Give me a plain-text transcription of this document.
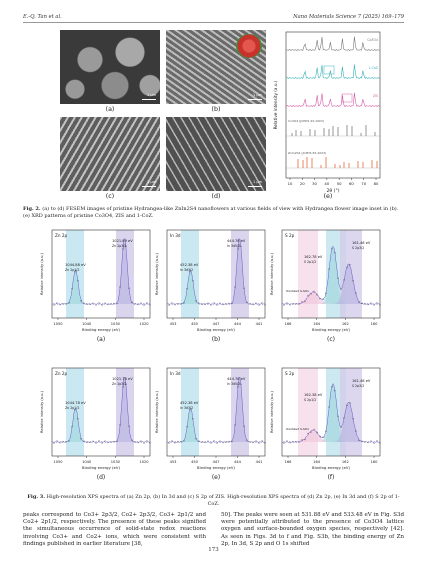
E.-Q. Tan et al.	Nano Materials Science 7 (2025) 169–179
1 μm
(a)
1 μm
(b)
1 μm
(c)
1 μm
(d)
Relative intensity (a.u.)
2θ (°)
10 20 30 40 50 60 70 80
Co3O4
1-CoZ
ZIS
Co3O4 (JCPDS 43-1003)
ZnIn2S4 (JCPDS 65-2023)
(e)
Fig. 2. (a) to (d) FESEM images of pristine Hydrangea-like ZnIn2S4 nanoflowers at various fields of view with Hydrangea flower image inset in (b). (e) XRD patterns of pristine Co3O4, ZIS and 1-CoZ.
Zn 2p
1044.88 eV
Zn 2p1/2
1021.89 eV
Zn 2p3/2
Relative intensity (a.u.)
1050	1040	1030	1020
Binding energy (eV)
(a)
In 3d
452.38 eV
In 3d3/2
444.78 eV
In 3d5/2
Relative intensity (a.u.)
453	450	447	444	441
Binding energy (eV)
(b)
S 2p
161.48 eV
S 2p3/2
162.78 eV
S 2p1/2
Oxidized S-SOx
Relative intensity (a.u.)
166	164	162	160
Binding energy (eV)
(c)
Zn 2p
1044.78 eV
Zn 2p1/2
1021.78 eV
Zn 2p3/2
Relative intensity (a.u.)
1050	1040	1030	1020
Binding energy (eV)
(d)
In 3d
452.38 eV
In 3d3/2
444.78 eV
In 3d5/2
Relative intensity (a.u.)
453	450	447	444	441
Binding energy (eV)
(e)
S 2p
161.48 eV
S 2p3/2
162.38 eV
S 2p1/2
Oxidized S-SOx
Relative intensity (a.u.)
166	164	162	160
Binding energy (eV)
(f)
Fig. 3. High-resolution XPS spectra of (a) Zn 2p, (b) In 3d and (c) S 2p of ZIS. High-resolution XPS spectra of (d) Zn 2p, (e) In 3d and (f) S 2p of 1-CoZ.
peaks correspond to Co3+ 2p3/2, Co2+ 2p3/2, Co3+ 2p1/2 and Co2+ 2p1/2, respectively. The presence of these peaks signified the simultaneous occurrence of solid-state redox reactions involving Co3+ and Co2+ ions, which were consistent with findings published in earlier literature [38,
50]. The peaks were seen at 531.88 eV and 533.48 eV in Fig. S3d were potentially attributed to the presence of Co3O4 lattice oxygen and surface-bounded oxygen species, respectively [42]. As seen in Figs. 3d to f and Fig. S3b, the binding energy of Zn 2p, In 3d, S 2p and O 1s shifted
173
